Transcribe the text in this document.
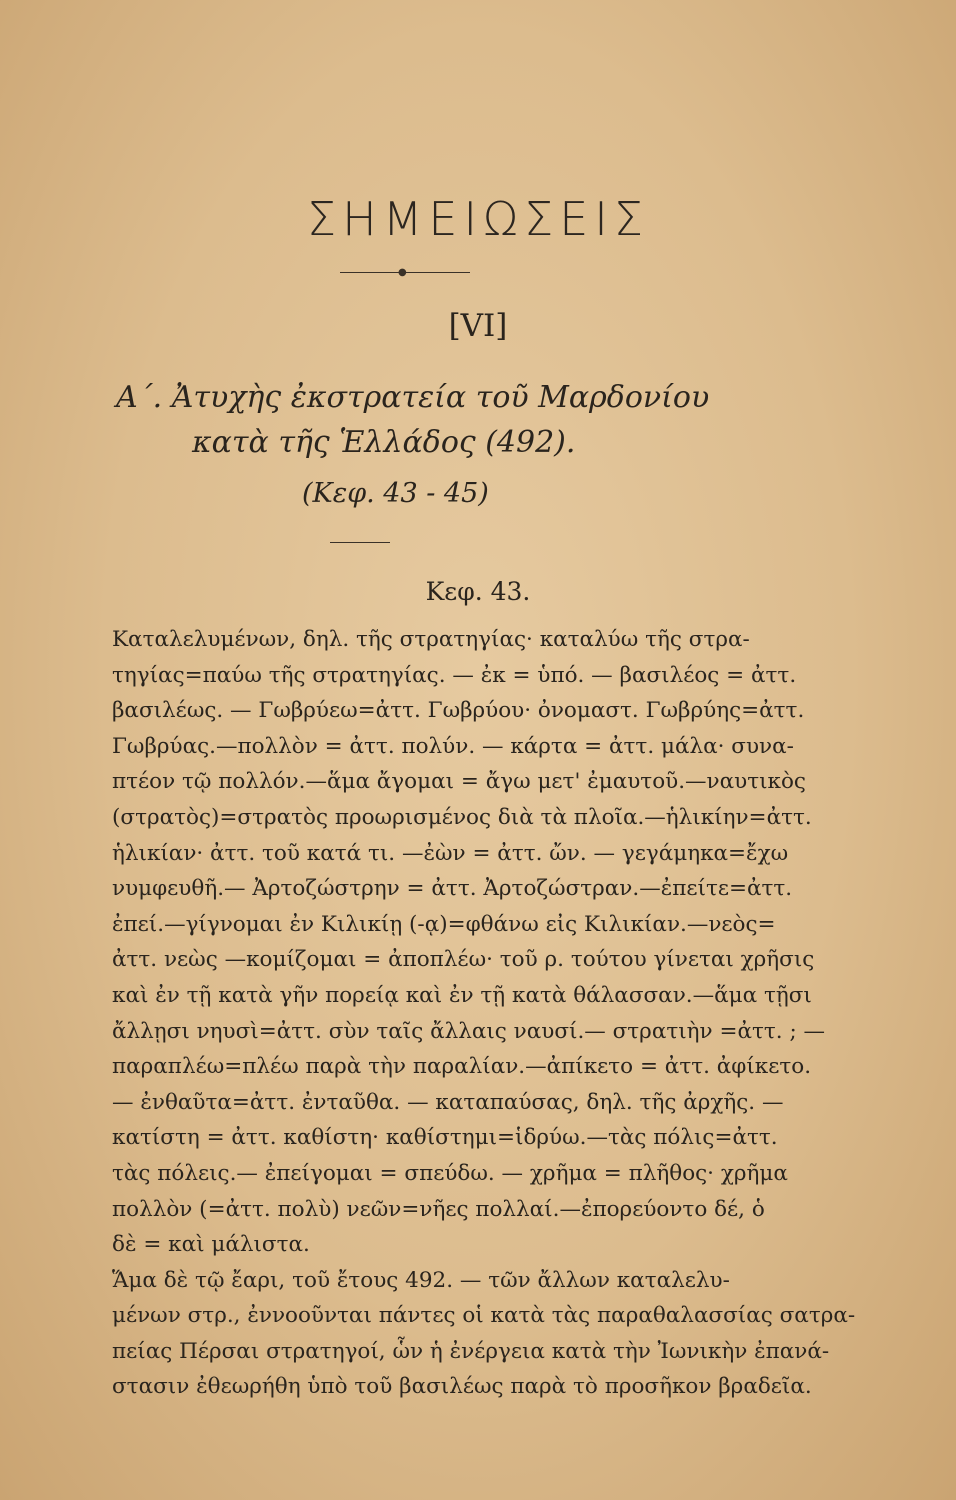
ΣΗΜΕΙΩΣΕΙΣ
●
[VI]
Α΄. Ἀτυχὴς ἐκστρατεία τοῦ Μαρδονίου
κατὰ τῆς Ἑλλάδος (492).
(Κεφ. 43 - 45)
Κεφ. 43.
Καταλελυμένων, δηλ. τῆς στρατηγίας· καταλύω τῆς στρα-
τηγίας=παύω τῆς στρατηγίας. — ἐκ = ὑπό. — βασιλέος = ἀττ.
βασιλέως. — Γωβρύεω=ἀττ. Γωβρύου· ὀνομαστ. Γωβρύης=ἀττ.
Γωβρύας.—πολλὸν = ἀττ. πολύν. — κάρτα = ἀττ. μάλα· συνα-
πτέον τῷ πολλόν.—ἅμα ἄγομαι = ἄγω μετ' ἐμαυτοῦ.—ναυτικὸς
(στρατὸς)=στρατὸς προωρισμένος διὰ τὰ πλοῖα.—ἡλικίην=ἀττ.
ἡλικίαν· ἀττ. τοῦ κατά τι. —ἐὼν = ἀττ. ὤν. — γεγάμηκα=ἔχω
νυμφευθῆ.— Ἀρτοζώστρην = ἀττ. Ἀρτοζώστραν.—ἐπείτε=ἀττ.
ἐπεί.—γίγνομαι ἐν Κιλικίῃ (-ᾳ)=φθάνω εἰς Κιλικίαν.—νεὸς=
ἀττ. νεὼς —κομίζομαι = ἀποπλέω· τοῦ ρ. τούτου γίνεται χρῆσις
καὶ ἐν τῇ κατὰ γῆν πορείᾳ καὶ ἐν τῇ κατὰ θάλασσαν.—ἅμα τῇσι
ἄλλῃσι νηυσὶ=ἀττ. σὺν ταῖς ἄλλαις ναυσί.— στρατιὴν =ἀττ. ; —
παραπλέω=πλέω παρὰ τὴν παραλίαν.—ἀπίκετο = ἀττ. ἀφίκετο.
— ἐνθαῦτα=ἀττ. ἐνταῦθα. — καταπαύσας, δηλ. τῆς ἀρχῆς. —
κατίστη = ἀττ. καθίστη· καθίστημι=ἱδρύω.—τὰς πόλις=ἀττ.
τὰς πόλεις.— ἐπείγομαι = σπεύδω. — χρῆμα = πλῆθος· χρῆμα
πολλὸν (=ἀττ. πολὺ) νεῶν=νῆες πολλαί.—ἐπορεύοντο δέ, ὁ
δὲ = καὶ μάλιστα.
Ἅμα δὲ τῷ ἔαρι, τοῦ ἔτους 492. — τῶν ἄλλων καταλελυ-
μένων στρ., ἐννοοῦνται πάντες οἱ κατὰ τὰς παραθαλασσίας σατρα-
πείας Πέρσαι στρατηγοί, ὧν ἡ ἐνέργεια κατὰ τὴν Ἰωνικὴν ἐπανά-
στασιν ἐθεωρήθη ὑπὸ τοῦ βασιλέως παρὰ τὸ προσῆκον βραδεῖα.
